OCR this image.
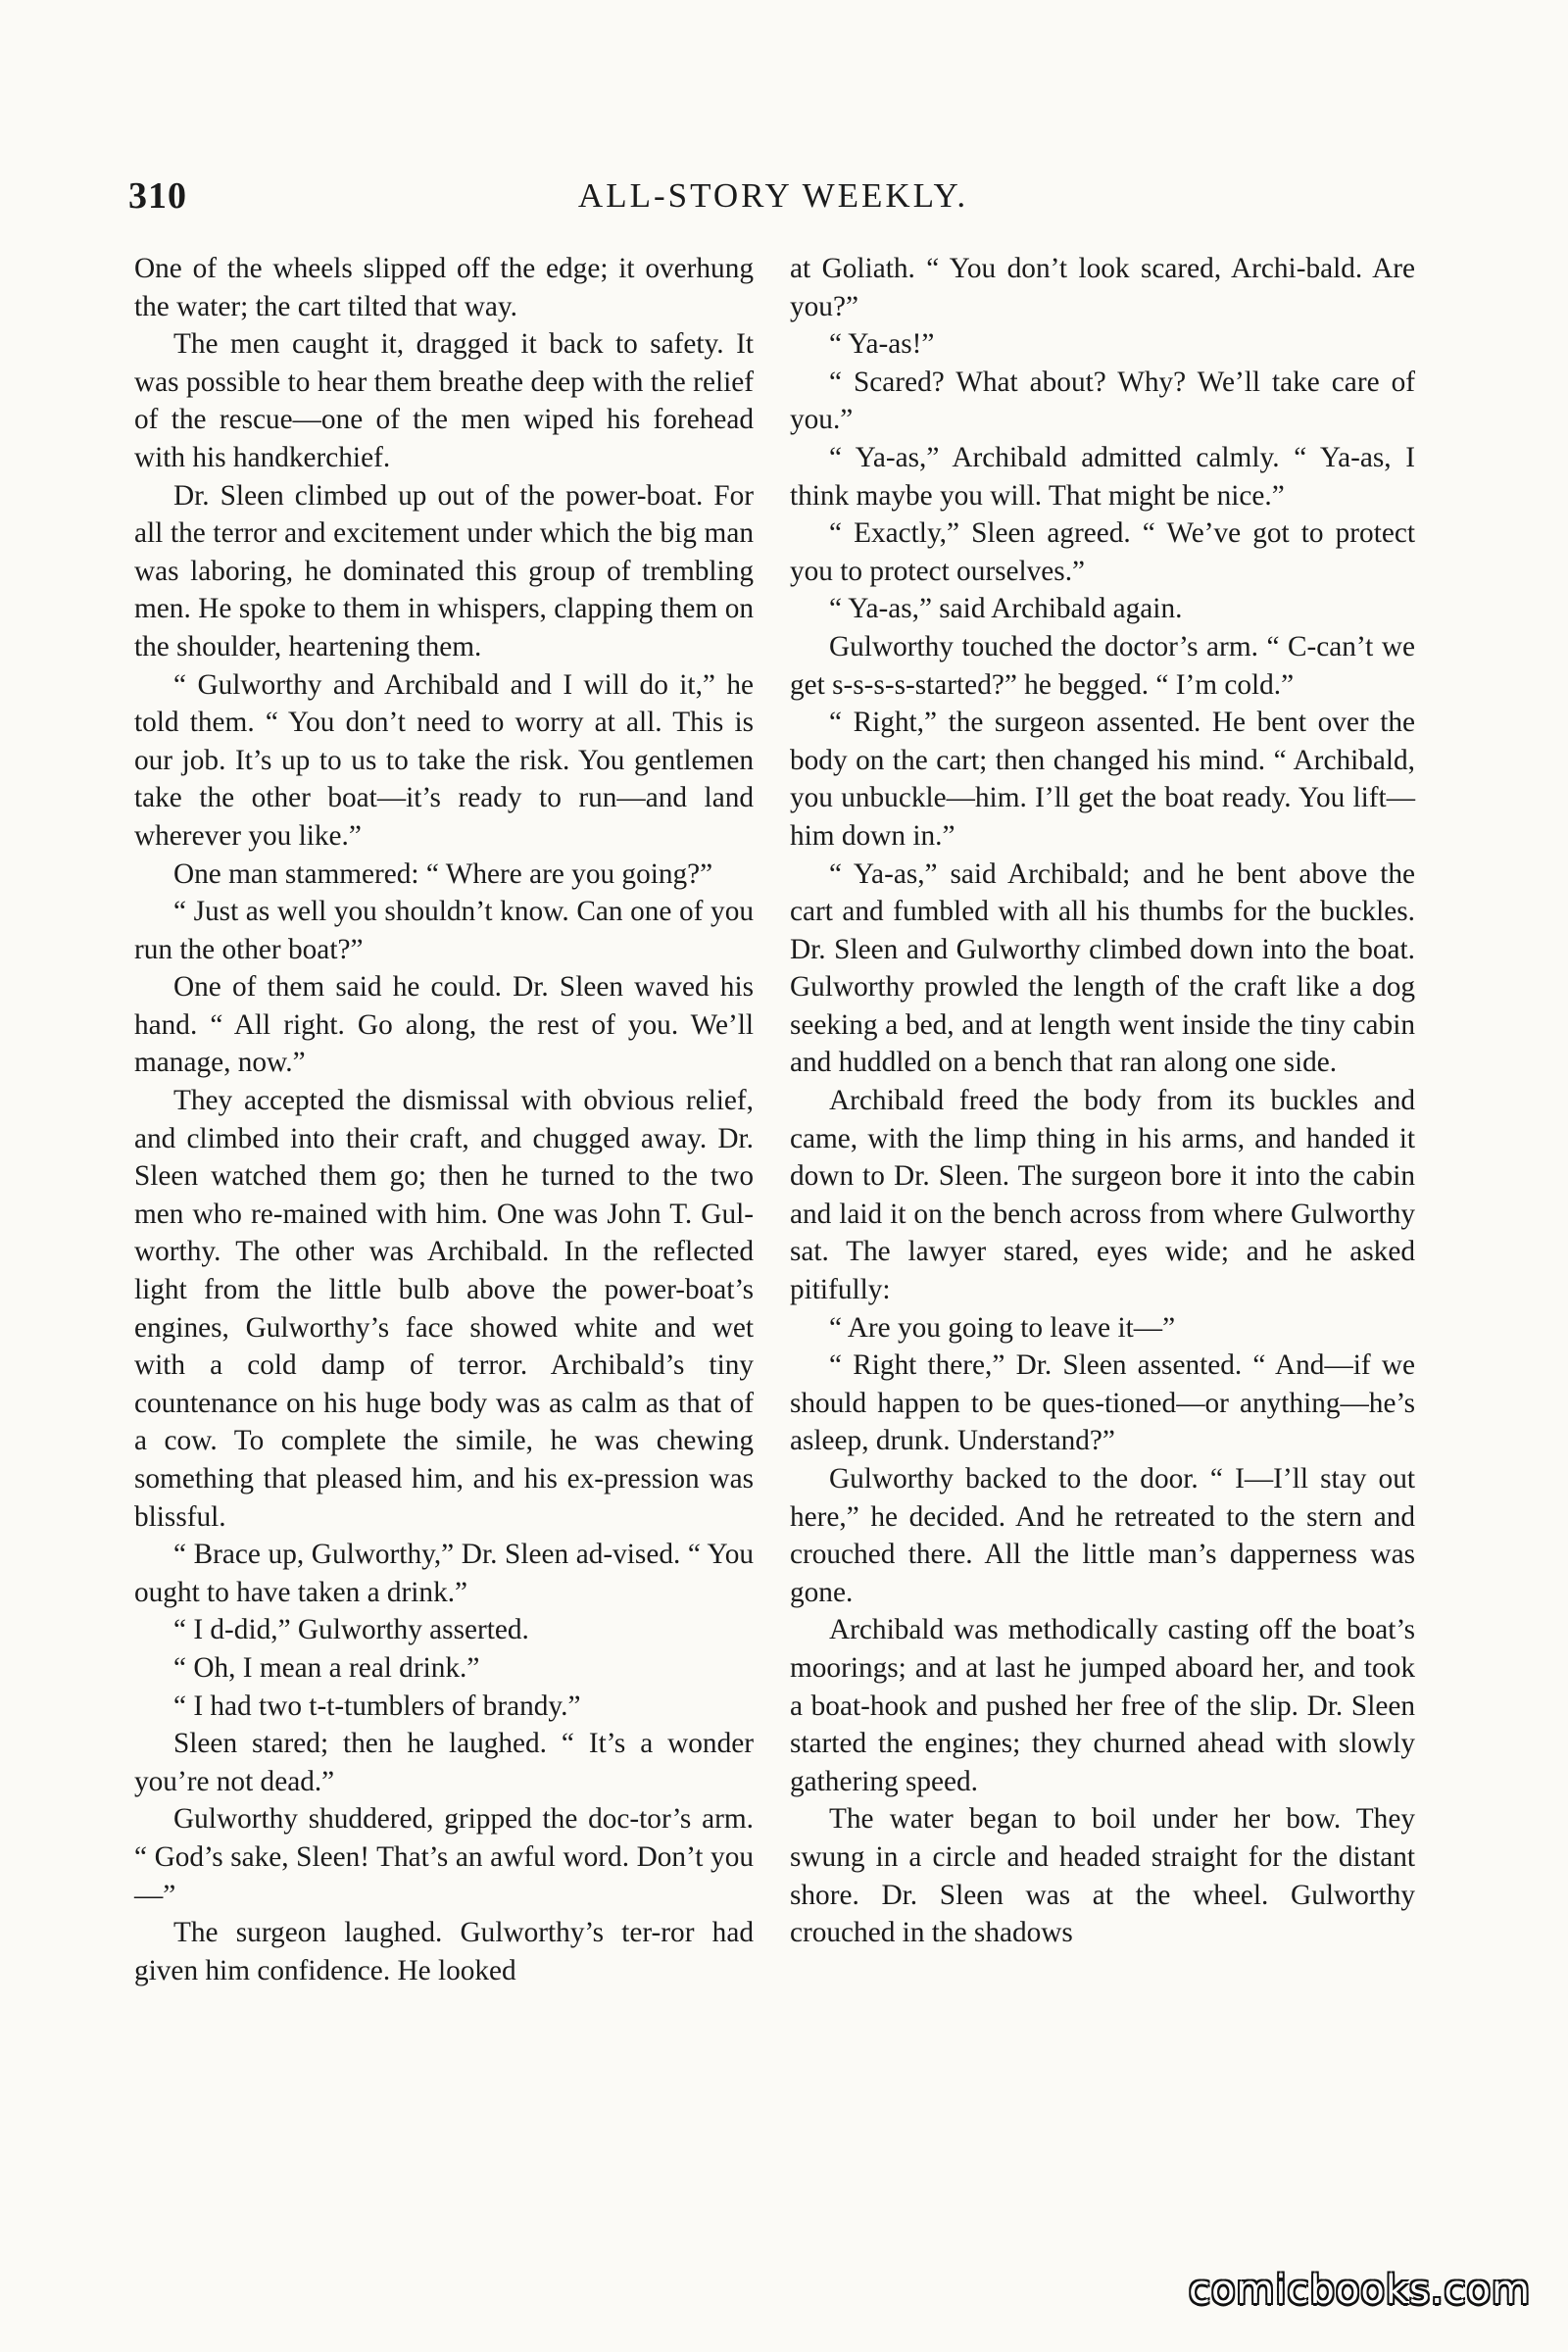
310	ALL-STORY WEEKLY.

One of the wheels slipped off the edge; it overhung the water; the cart tilted that way.

The men caught it, dragged it back to safety. It was possible to hear them breathe deep with the relief of the rescue—one of the men wiped his forehead with his handkerchief.

Dr. Sleen climbed up out of the power-boat. For all the terror and excitement under which the big man was laboring, he dominated this group of trembling men. He spoke to them in whispers, clapping them on the shoulder, heartening them.

“ Gulworthy and Archibald and I will do it,” he told them. “ You don’t need to worry at all. This is our job. It’s up to us to take the risk. You gentlemen take the other boat—it’s ready to run—and land wherever you like.”

One man stammered: “ Where are you going?”

“ Just as well you shouldn’t know. Can one of you run the other boat?”

One of them said he could. Dr. Sleen waved his hand. “ All right. Go along, the rest of you. We’ll manage, now.”

They accepted the dismissal with obvious relief, and climbed into their craft, and chugged away. Dr. Sleen watched them go; then he turned to the two men who re-mained with him. One was John T. Gul-worthy. The other was Archibald. In the reflected light from the little bulb above the power-boat’s engines, Gulworthy’s face showed white and wet with a cold damp of terror. Archibald’s tiny countenance on his huge body was as calm as that of a cow. To complete the simile, he was chewing something that pleased him, and his ex-pression was blissful.

“ Brace up, Gulworthy,” Dr. Sleen ad-vised. “ You ought to have taken a drink.”

“ I d-did,” Gulworthy asserted.

“ Oh, I mean a real drink.”

“ I had two t-t-tumblers of brandy.”

Sleen stared; then he laughed. “ It’s a wonder you’re not dead.”

Gulworthy shuddered, gripped the doc-tor’s arm. “ God’s sake, Sleen! That’s an awful word. Don’t you—”

The surgeon laughed. Gulworthy’s ter-ror had given him confidence. He looked

at Goliath. “ You don’t look scared, Archi-bald. Are you?”

“ Ya-as!”

“ Scared? What about? Why? We’ll take care of you.”

“ Ya-as,” Archibald admitted calmly. “ Ya-as, I think maybe you will. That might be nice.”

“ Exactly,” Sleen agreed. “ We’ve got to protect you to protect ourselves.”

“ Ya-as,” said Archibald again.

Gulworthy touched the doctor’s arm. “ C-can’t we get s-s-s-s-started?” he begged. “ I’m cold.”

“ Right,” the surgeon assented. He bent over the body on the cart; then changed his mind. “ Archibald, you unbuckle—him. I’ll get the boat ready. You lift—him down in.”

“ Ya-as,” said Archibald; and he bent above the cart and fumbled with all his thumbs for the buckles. Dr. Sleen and Gulworthy climbed down into the boat. Gulworthy prowled the length of the craft like a dog seeking a bed, and at length went inside the tiny cabin and huddled on a bench that ran along one side.

Archibald freed the body from its buckles and came, with the limp thing in his arms, and handed it down to Dr. Sleen. The surgeon bore it into the cabin and laid it on the bench across from where Gulworthy sat. The lawyer stared, eyes wide; and he asked pitifully:

“ Are you going to leave it—”

“ Right there,” Dr. Sleen assented. “ And—if we should happen to be ques-tioned—or anything—he’s asleep, drunk. Understand?”

Gulworthy backed to the door. “ I—I’ll stay out here,” he decided. And he retreated to the stern and crouched there. All the little man’s dapperness was gone.

Archibald was methodically casting off the boat’s moorings; and at last he jumped aboard her, and took a boat-hook and pushed her free of the slip. Dr. Sleen started the engines; they churned ahead with slowly gathering speed.

The water began to boil under her bow. They swung in a circle and headed straight for the distant shore. Dr. Sleen was at the wheel. Gulworthy crouched in the shadows

comicbooks.com
